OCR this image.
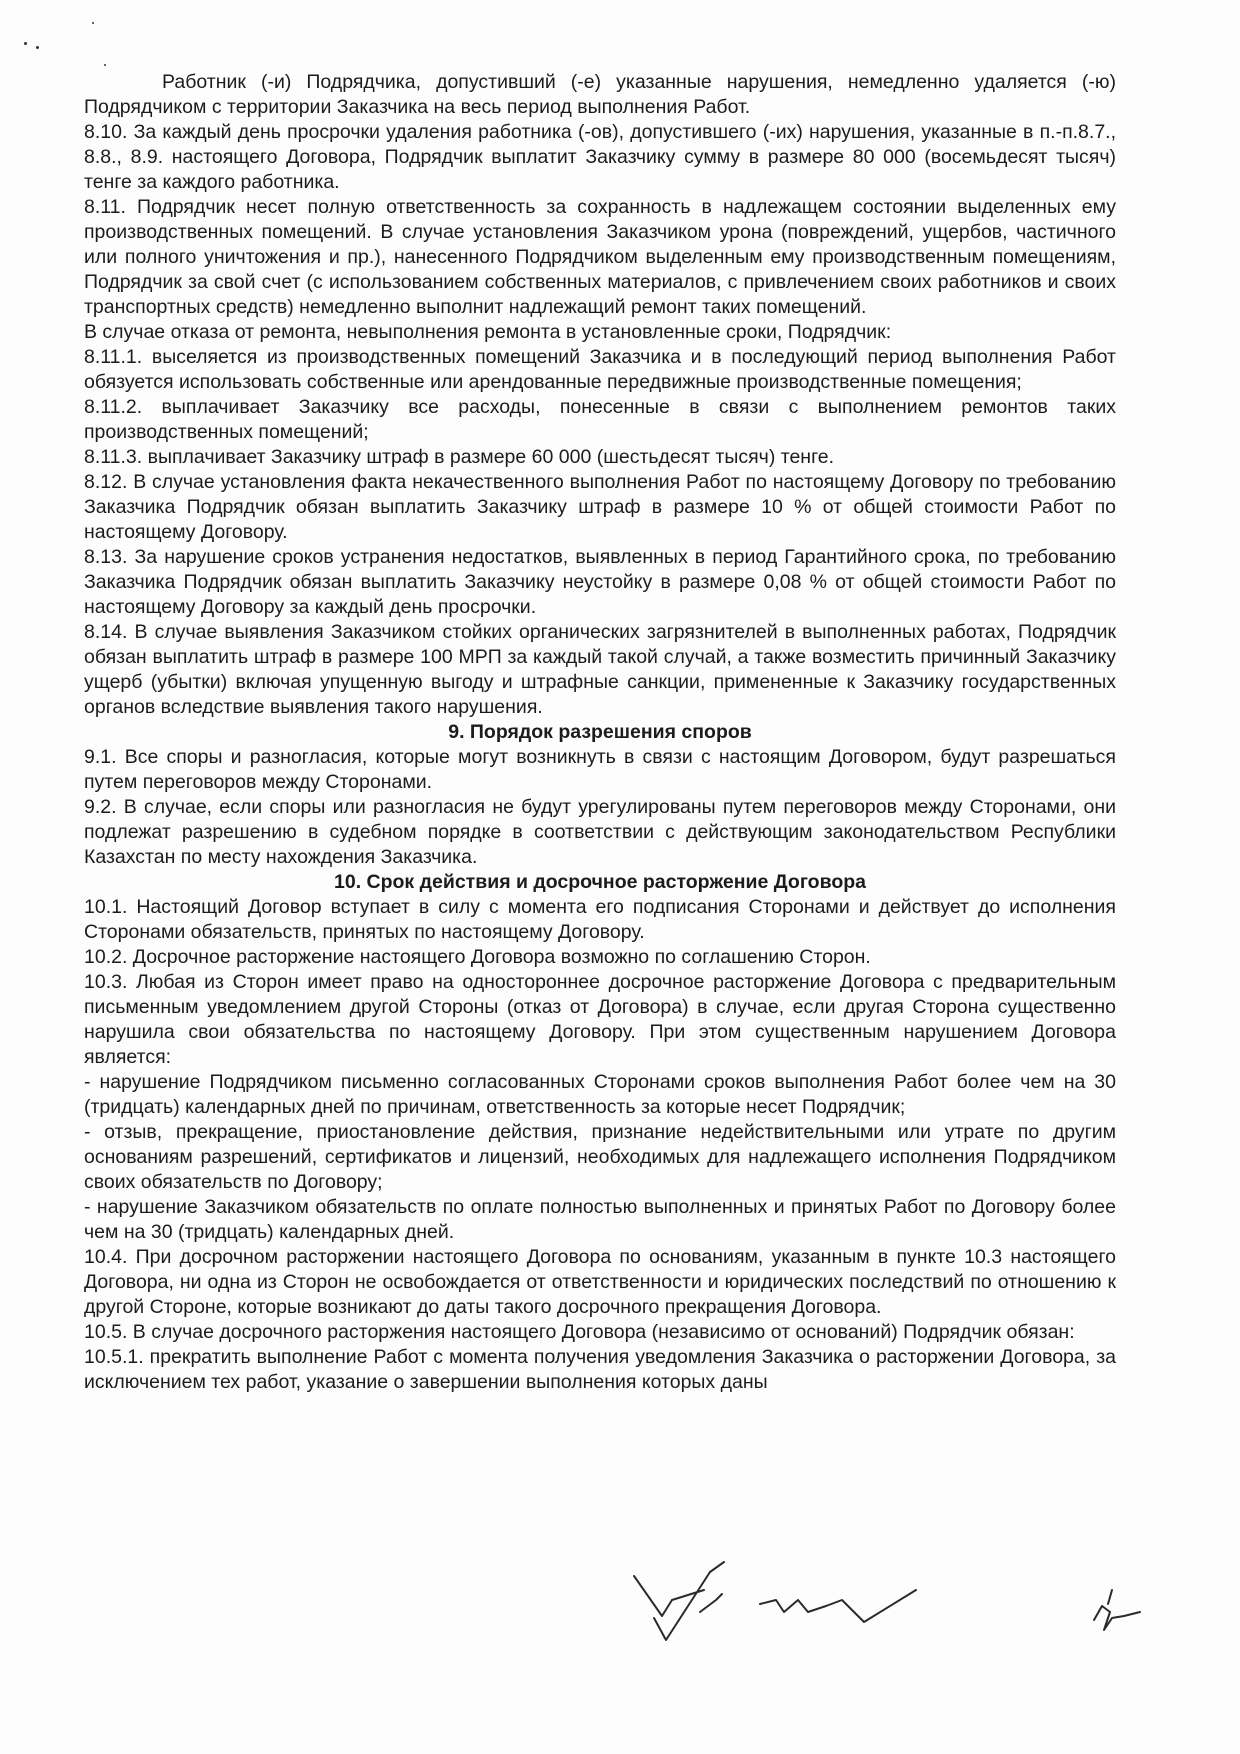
Работник (-и) Подрядчика, допустивший (-е) указанные нарушения, немедленно удаляется (-ю) Подрядчиком с территории Заказчика на весь период выполнения Работ.

8.10. За каждый день просрочки удаления работника (-ов), допустившего (-их) нарушения, указанные в п.-п.8.7., 8.8., 8.9. настоящего Договора, Подрядчик выплатит Заказчику сумму в размере 80 000 (восемьдесят тысяч) тенге за каждого работника.

8.11. Подрядчик несет полную ответственность за сохранность в надлежащем состоянии выделенных ему производственных помещений. В случае установления Заказчиком урона (повреждений, ущербов, частичного или полного уничтожения и пр.), нанесенного Подрядчиком выделенным ему производственным помещениям, Подрядчик за свой счет (с использованием собственных материалов, с привлечением своих работников и своих транспортных средств) немедленно выполнит надлежащий ремонт таких помещений.

В случае отказа от ремонта, невыполнения ремонта в установленные сроки, Подрядчик:

8.11.1. выселяется из производственных помещений Заказчика и в последующий период выполнения Работ обязуется использовать собственные или арендованные передвижные производственные помещения;

8.11.2. выплачивает Заказчику все расходы, понесенные в связи с выполнением ремонтов таких производственных помещений;

8.11.3. выплачивает Заказчику штраф в размере 60 000 (шестьдесят тысяч) тенге.

8.12. В случае установления факта некачественного выполнения Работ по настоящему Договору по требованию Заказчика Подрядчик обязан выплатить Заказчику штраф в размере 10 % от общей стоимости Работ по настоящему Договору.

8.13. За нарушение сроков устранения недостатков, выявленных в период Гарантийного срока, по требованию Заказчика Подрядчик обязан выплатить Заказчику неустойку в размере 0,08 % от общей стоимости Работ по настоящему Договору за каждый день просрочки.

8.14. В случае выявления Заказчиком стойких органических загрязнителей в выполненных работах, Подрядчик обязан выплатить штраф в размере 100 МРП за каждый такой случай, а также возместить причинный Заказчику ущерб (убытки) включая упущенную выгоду и штрафные санкции, примененные к Заказчику государственных органов вследствие выявления такого нарушения.

9. Порядок разрешения споров

9.1. Все споры и разногласия, которые могут возникнуть в связи с настоящим Договором, будут разрешаться путем переговоров между Сторонами.

9.2. В случае, если споры или разногласия не будут урегулированы путем переговоров между Сторонами, они подлежат разрешению в судебном порядке в соответствии с действующим законодательством Республики Казахстан по месту нахождения Заказчика.

10. Срок действия и досрочное расторжение Договора

10.1. Настоящий Договор вступает в силу с момента его подписания Сторонами и действует до исполнения Сторонами обязательств, принятых по настоящему Договору.

10.2. Досрочное расторжение настоящего Договора возможно по соглашению Сторон.

10.3. Любая из Сторон имеет право на одностороннее досрочное расторжение Договора с предварительным письменным уведомлением другой Стороны (отказ от Договора) в случае, если другая Сторона существенно нарушила свои обязательства по настоящему Договору. При этом существенным нарушением Договора является:

- нарушение Подрядчиком письменно согласованных Сторонами сроков выполнения Работ более чем на 30 (тридцать) календарных дней по причинам, ответственность за которые несет Подрядчик;

- отзыв, прекращение, приостановление действия, признание недействительными или утрате по другим основаниям разрешений, сертификатов и лицензий, необходимых для надлежащего исполнения Подрядчиком своих обязательств по Договору;

- нарушение Заказчиком обязательств по оплате полностью выполненных и принятых Работ по Договору более чем на 30 (тридцать) календарных дней.

10.4. При досрочном расторжении настоящего Договора по основаниям, указанным в пункте 10.3 настоящего Договора, ни одна из Сторон не освобождается от ответственности и юридических последствий по отношению к другой Стороне, которые возникают до даты такого досрочного прекращения Договора.

10.5. В случае досрочного расторжения настоящего Договора (независимо от оснований) Подрядчик обязан:

10.5.1. прекратить выполнение Работ с момента получения уведомления Заказчика о расторжении Договора, за исключением тех работ, указание о завершении выполнения которых даны
